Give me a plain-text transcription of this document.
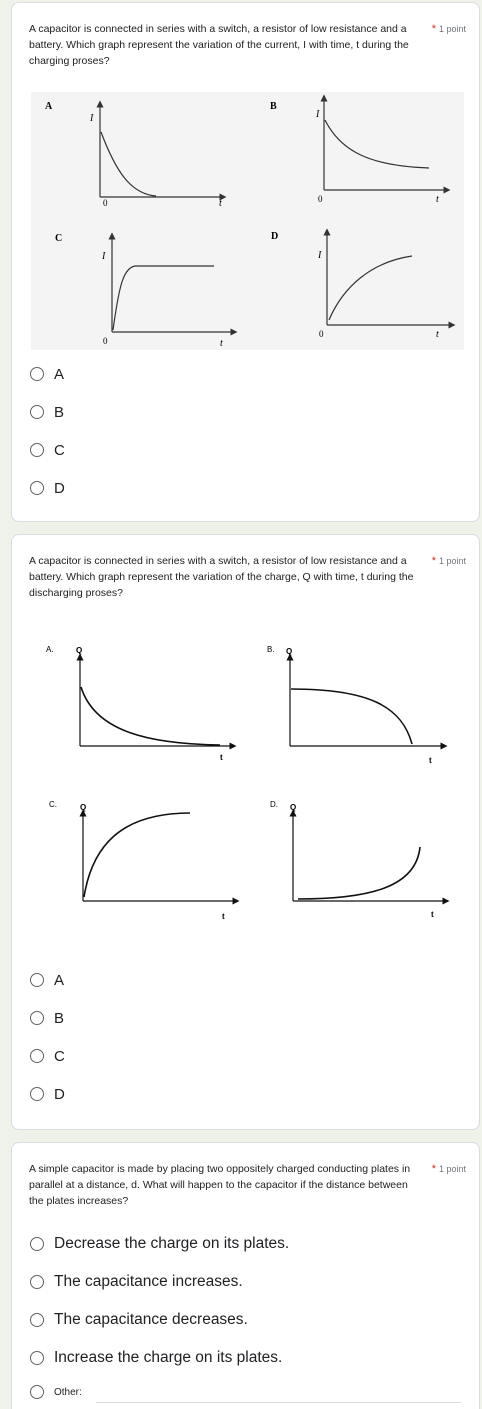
A capacitor is connected in series with a switch, a resistor of low resistance and a battery. Which graph represent the variation of the current, I with time, t during the charging proses?
* 1 point
A
I
t
0
B
I
t
0
C
I
t
0
D
I
t
0
A
B
C
D
A capacitor is connected in series with a switch, a resistor of low resistance and a battery. Which graph represent the variation of the charge, Q with time, t during the discharging proses?
* 1 point
A.	Q
t
B. Q
t
C.	Q
t
D. Q
t
A
B
C
D
A simple capacitor is made by placing two oppositely charged conducting plates in parallel at a distance, d. What will happen to the capacitor if the distance between the plates increases?
* 1 point
Decrease the charge on its plates.
The capacitance increases.
The capacitance decreases.
Increase the charge on its plates.
Other:
